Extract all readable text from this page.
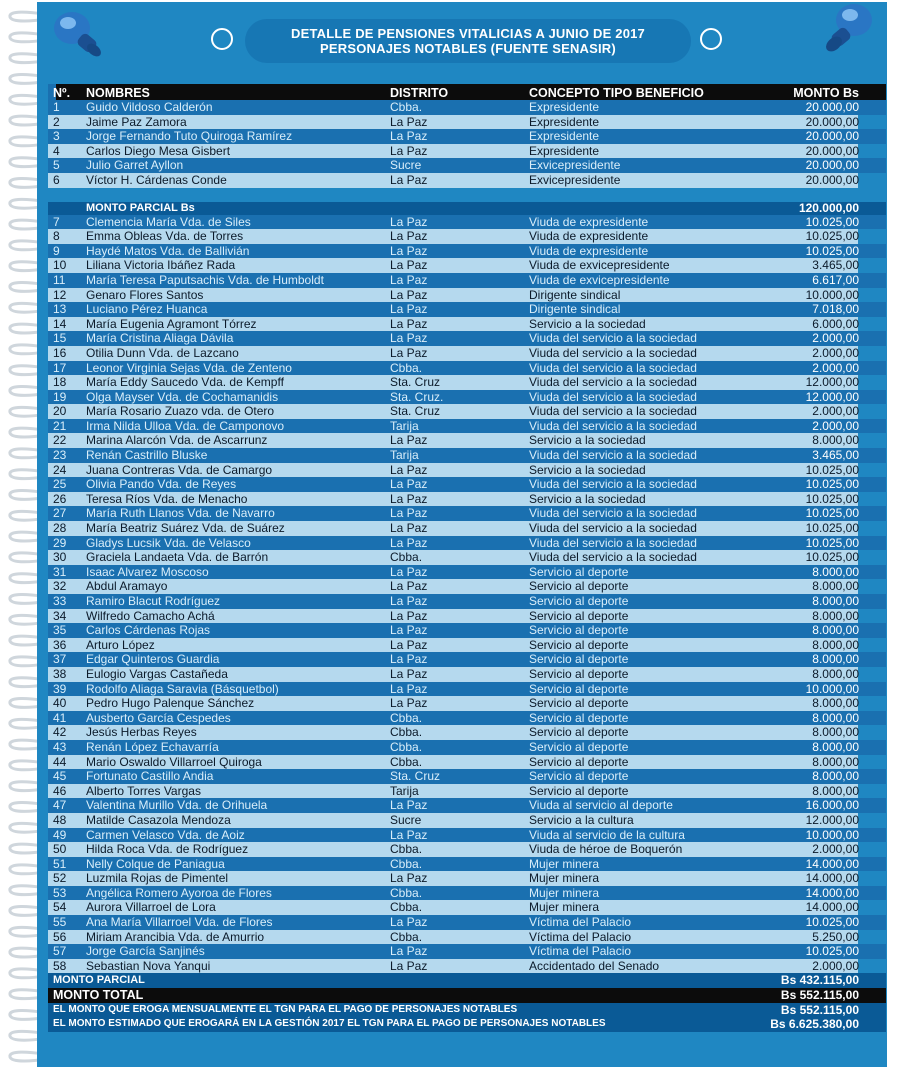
DETALLE DE PENSIONES VITALICIAS A JUNIO DE 2017
PERSONAJES NOTABLES (FUENTE SENASIR)
Nº. NOMBRES	DISTRITO	CONCEPTO TIPO BENEFICIO	MONTO Bs
1 Guido Vildoso Calderón	Cbba.	Expresidente	20.000,00
2 Jaime Paz Zamora	La Paz	Expresidente	20.000,00
3 Jorge Fernando Tuto Quiroga Ramírez	La Paz	Expresidente	20.000,00
4 Carlos Diego Mesa Gisbert	La Paz	Expresidente	20.000,00
5 Julio Garret Ayllon	Sucre	Exvicepresidente	20.000,00
6 Víctor H. Cárdenas Conde	La Paz	Exvicepresidente	20.000,00
MONTO PARCIAL Bs	120.000,00
7 Clemencia María Vda. de Siles	La Paz	Viuda de expresidente	10.025,00
8 Emma Obleas Vda. de Torres	La Paz	Viuda de expresidente	10.025,00
9 Haydé Matos Vda. de Ballivián	La Paz	Viuda de expresidente	10.025,00
10 Liliana Victoria Ibáñez Rada	La Paz	Viuda de exvicepresidente	3.465,00
11 María Teresa Paputsachis Vda. de Humboldt	La Paz	Viuda de exvicepresidente	6.617,00
12 Genaro Flores Santos	La Paz	Dirigente sindical	10.000,00
13 Luciano Pérez Huanca	La Paz	Dirigente sindical	7.018,00
14 María Eugenia Agramont Tórrez	La Paz	Servicio a la sociedad	6.000,00
15 María Cristina Aliaga Dávila	La Paz	Viuda del servicio a la sociedad	2.000,00
16 Otilia Dunn Vda. de Lazcano	La Paz	Viuda del servicio a la sociedad	2.000,00
17 Leonor Virginia Sejas Vda. de Zenteno	Cbba.	Viuda del servicio a la sociedad	2.000,00
18 María Eddy Saucedo Vda. de Kempff	Sta. Cruz	Viuda del servicio a la sociedad	12.000,00
19 Olga Mayser Vda. de Cochamanidis	Sta. Cruz.	Viuda del servicio a la sociedad	12.000,00
20 María Rosario Zuazo vda. de Otero	Sta. Cruz	Viuda del servicio a la sociedad	2.000,00
21 Irma Nilda Ulloa Vda. de Camponovo	Tarija	Viuda del servicio a la sociedad	2.000,00
22 Marina Alarcón Vda. de Ascarrunz	La Paz	Servicio a la sociedad	8.000,00
23 Renán Castrillo Bluske	Tarija	Viuda del servicio a la sociedad	3.465,00
24 Juana Contreras Vda. de Camargo	La Paz	Servicio a la sociedad	10.025,00
25 Olivia Pando Vda. de Reyes	La Paz	Viuda del servicio a la sociedad	10.025,00
26 Teresa Ríos Vda. de Menacho	La Paz	Servicio a la sociedad	10.025,00
27 María Ruth Llanos Vda. de Navarro	La Paz	Viuda del servicio a la sociedad	10.025,00
28 María Beatriz Suárez Vda. de Suárez	La Paz	Viuda del servicio a la sociedad	10.025,00
29 Gladys Lucsik Vda. de Velasco	La Paz	Viuda del servicio a la sociedad	10.025,00
30 Graciela Landaeta Vda. de Barrón	Cbba.	Viuda del servicio a la sociedad	10.025,00
31 Isaac Alvarez Moscoso	La Paz	Servicio al deporte	8.000,00
32 Abdul Aramayo	La Paz	Servicio al deporte	8.000,00
33 Ramiro Blacut Rodríguez	La Paz	Servicio al deporte	8.000,00
34 Wilfredo Camacho Achá	La Paz	Servicio al deporte	8.000,00
35 Carlos Cárdenas Rojas	La Paz	Servicio al deporte	8.000,00
36 Arturo López	La Paz	Servicio al deporte	8.000,00
37 Edgar Quinteros Guardia	La Paz	Servicio al deporte	8.000,00
38 Eulogio Vargas Castañeda	La Paz	Servicio al deporte	8.000,00
39 Rodolfo Aliaga Saravia (Básquetbol)	La Paz	Servicio al deporte	10.000,00
40 Pedro Hugo Palenque Sánchez	La Paz	Servicio al deporte	8.000,00
41 Ausberto García Cespedes	Cbba.	Servicio al deporte	8.000,00
42 Jesús Herbas Reyes	Cbba.	Servicio al deporte	8.000,00
43 Renán López Echavarría	Cbba.	Servicio al deporte	8.000,00
44 Mario Oswaldo Villarroel Quiroga	Cbba.	Servicio al deporte	8.000,00
45 Fortunato Castillo Andia	Sta. Cruz	Servicio al deporte	8.000,00
46 Alberto Torres Vargas	Tarija	Servicio al deporte	8.000,00
47 Valentina Murillo Vda. de Orihuela	La Paz	Viuda al servicio al deporte	16.000,00
48 Matilde Casazola Mendoza	Sucre	Servicio a la cultura	12.000,00
49 Carmen Velasco Vda. de Aoiz	La Paz	Viuda al servicio de la cultura	10.000,00
50 Hilda Roca Vda. de Rodríguez	Cbba.	Viuda de héroe de Boquerón	2.000,00
51 Nelly Colque de Paniagua	Cbba.	Mujer minera	14.000,00
52 Luzmila Rojas de Pimentel	La Paz	Mujer minera	14.000,00
53 Angélica Romero Ayoroa de Flores	Cbba.	Mujer minera	14.000,00
54 Aurora Villarroel de Lora	Cbba.	Mujer minera	14.000,00
55 Ana María Villarroel Vda. de Flores	La Paz	Víctima del Palacio	10.025,00
56 Miriam Arancibia Vda. de Amurrio	Cbba.	Víctima del Palacio	5.250,00
57 Jorge García Sanjinés	La Paz	Víctima del Palacio	10.025,00
58 Sebastian Nova Yanqui	La Paz	Accidentado del Senado	2.000,00
MONTO PARCIAL	Bs 432.115,00
MONTO TOTAL	Bs 552.115,00
EL MONTO QUE EROGA MENSUALMENTE EL TGN PARA EL PAGO DE PERSONAJES NOTABLES	Bs 552.115,00
EL MONTO ESTIMADO QUE EROGARÁ EN LA GESTIÓN 2017 EL TGN PARA EL PAGO DE PERSONAJES NOTABLES	Bs 6.625.380,00
